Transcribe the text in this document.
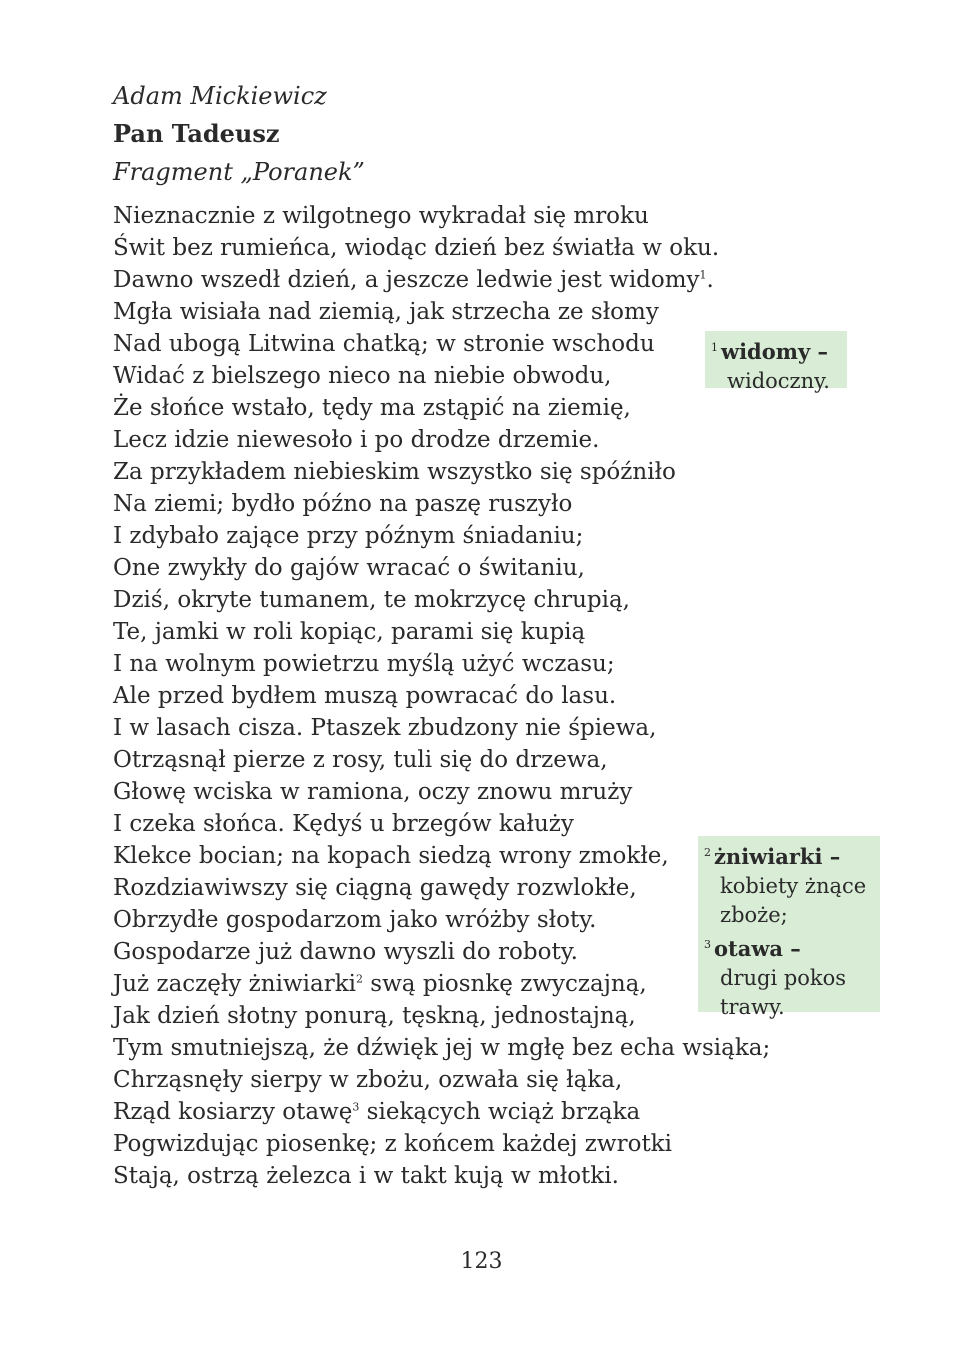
Adam Mickiewicz
Pan Tadeusz
Fragment „Poranek”
Nieznacznie z wilgotnego wykradał się mroku
Świt bez rumieńca, wiodąc dzień bez światła w oku.
Dawno wszedł dzień, a jeszcze ledwie jest widomy$^1$.
Mgła wisiała nad ziemią, jak strzecha ze słomy
Nad ubogą Litwina chatką; w stronie wschodu
Widać z bielszego nieco na niebie obwodu,
Że słońce wstało, tędy ma zstąpić na ziemię,
Lecz idzie niewesoło i po drodze drzemie.
Za przykładem niebieskim wszystko się spóźniło
Na ziemi; bydło późno na paszę ruszyło
I zdybało zające przy późnym śniadaniu;
One zwykły do gajów wracać o świtaniu,
Dziś, okryte tumanem, te mokrzycę chrupią,
Te, jamki w roli kopiąc, parami się kupią
I na wolnym powietrzu myślą użyć wczasu;
Ale przed bydłem muszą powracać do lasu.
I w lasach cisza. Ptaszek zbudzony nie śpiewa,
Otrząsnął pierze z rosy, tuli się do drzewa,
Głowę wciska w ramiona, oczy znowu mruży
I czeka słońca. Kędyś u brzegów kałuży
Klekce bocian; na kopach siedzą wrony zmokłe,
Rozdziawiwszy się ciągną gawędy rozwlokłe,
Obrzydłe gospodarzom jako wróżby słoty.
Gospodarze już dawno wyszli do roboty.
Już zaczęły żniwiarki$^2$ swą piosnkę zwyczajną,
Jak dzień słotny ponurą, tęskną, jednostajną,
Tym smutniejszą, że dźwięk jej w mgłę bez echa wsiąka;
Chrząsnęły sierpy w zbożu, ozwała się łąka,
Rząd kosiarzy otawę$^3$ siekących wciąż brząka
Pogwizdując piosenkę; z końcem każdej zwrotki
Stają, ostrzą żelezca i w takt kują w młotki.
$^1$ widomy –
widoczny.
$^2$ żniwiarki –
kobiety żnące
zboże;
$^3$ otawa –
drugi pokos
trawy.
123
